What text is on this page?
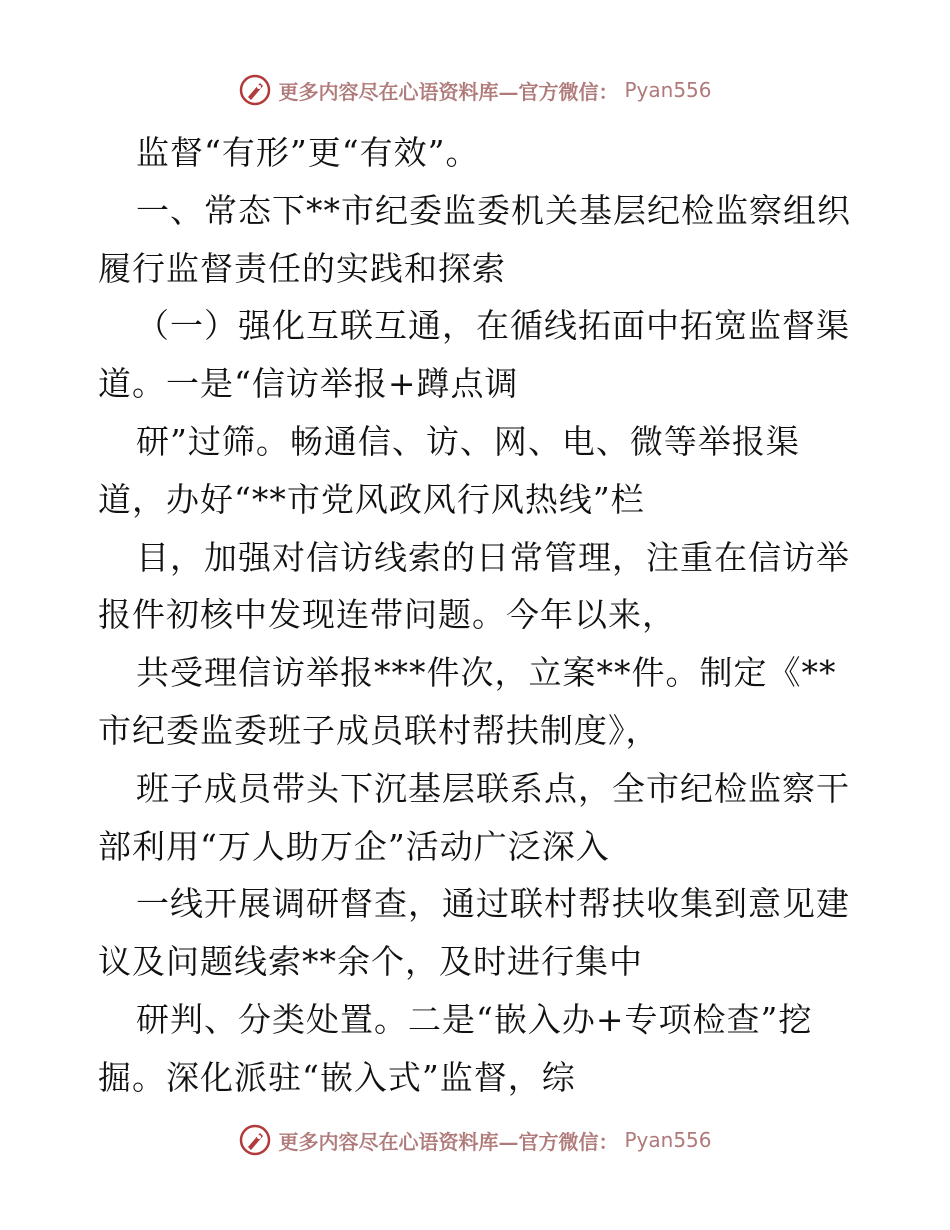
更多内容尽在心语资料库—官方微信： Pyan556
监督“有形”更“有效”。
一、常态下**市纪委监委机关基层纪检监察组织
履行监督责任的实践和探索
（一）强化互联互通，在循线拓面中拓宽监督渠
道。一是“信访举报+蹲点调
研”过筛。畅通信、访、网、电、微等举报渠
道，办好“**市党风政风行风热线”栏
目，加强对信访线索的日常管理，注重在信访举
报件初核中发现连带问题。今年以来，
共受理信访举报***件次，立案**件。制定《**
市纪委监委班子成员联村帮扶制度》，
班子成员带头下沉基层联系点，全市纪检监察干
部利用“万人助万企”活动广泛深入
一线开展调研督查，通过联村帮扶收集到意见建
议及问题线索**余个，及时进行集中
研判、分类处置。二是“嵌入办+专项检查”挖
掘。深化派驻“嵌入式”监督，综
更多内容尽在心语资料库—官方微信： Pyan556
